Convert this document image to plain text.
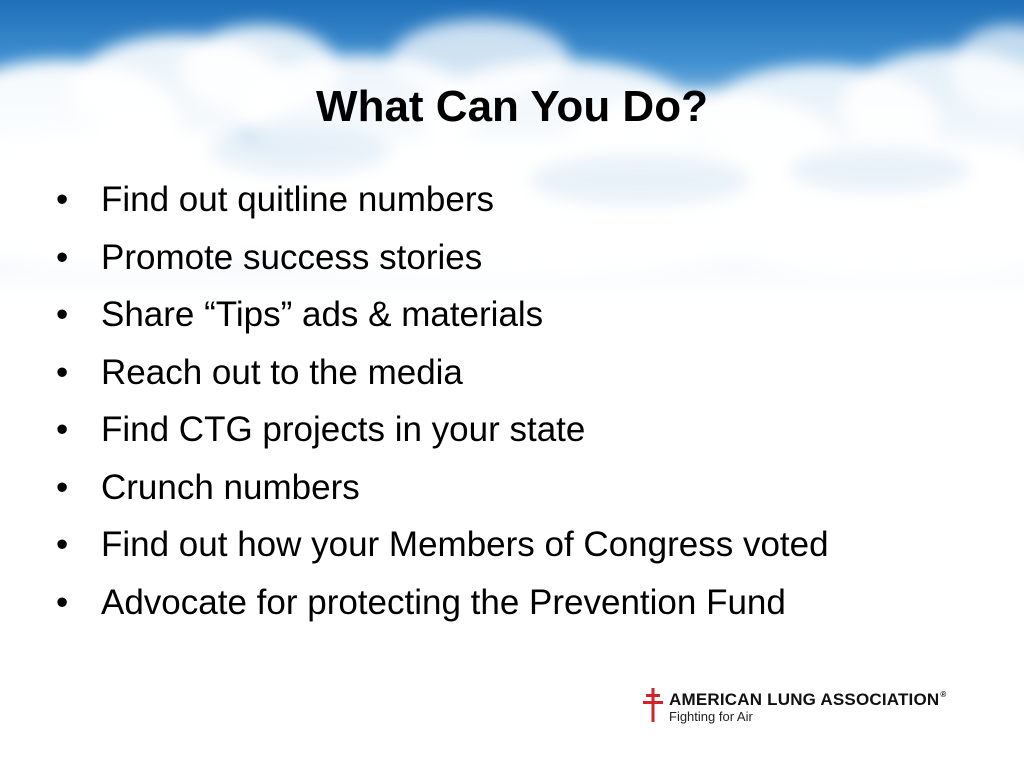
What Can You Do?
• Find out quitline numbers
• Promote success stories
• Share “Tips” ads & materials
• Reach out to the media
• Find CTG projects in your state
• Crunch numbers
• Find out how your Members of Congress voted
• Advocate for protecting the Prevention Fund
AMERICAN LUNG ASSOCIATION®
Fighting for Air
